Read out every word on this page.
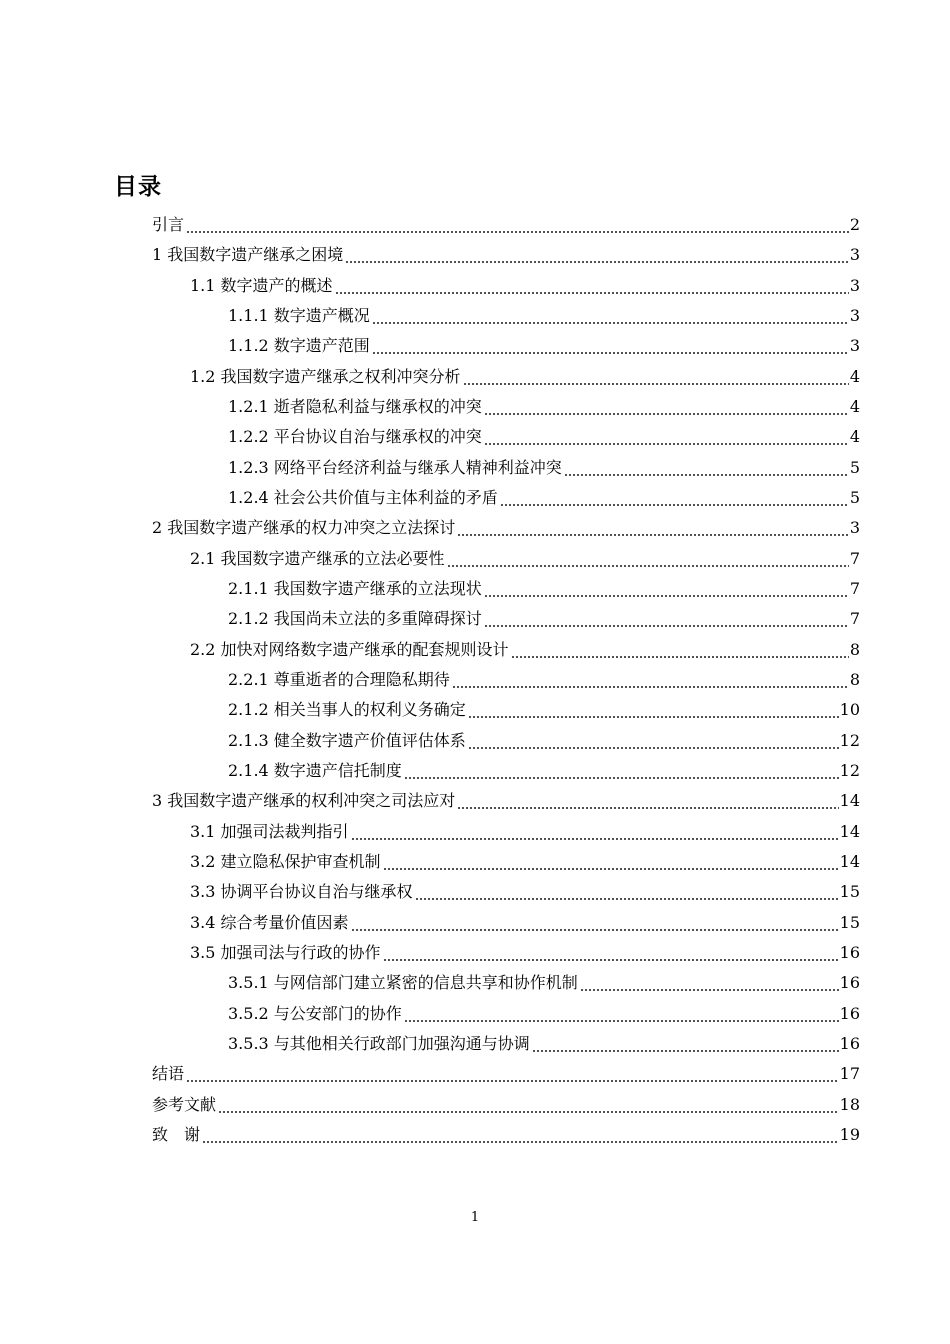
目录
引言	2
1 我国数字遗产继承之困境	3
1.1 数字遗产的概述	3
1.1.1 数字遗产概况	3
1.1.2 数字遗产范围	3
1.2 我国数字遗产继承之权利冲突分析	4
1.2.1 逝者隐私利益与继承权的冲突	4
1.2.2 平台协议自治与继承权的冲突	4
1.2.3 网络平台经济利益与继承人精神利益冲突	5
1.2.4 社会公共价值与主体利益的矛盾	5
2 我国数字遗产继承的权力冲突之立法探讨	3
2.1 我国数字遗产继承的立法必要性	7
2.1.1 我国数字遗产继承的立法现状	7
2.1.2 我国尚未立法的多重障碍探讨	7
2.2 加快对网络数字遗产继承的配套规则设计	8
2.2.1 尊重逝者的合理隐私期待	8
2.1.2 相关当事人的权利义务确定	10
2.1.3 健全数字遗产价值评估体系	12
2.1.4 数字遗产信托制度	12
3 我国数字遗产继承的权利冲突之司法应对	14
3.1 加强司法裁判指引	14
3.2 建立隐私保护审查机制	14
3.3 协调平台协议自治与继承权	15
3.4 综合考量价值因素	15
3.5 加强司法与行政的协作	16
3.5.1 与网信部门建立紧密的信息共享和协作机制	16
3.5.2 与公安部门的协作	16
3.5.3 与其他相关行政部门加强沟通与协调	16
结语	17
参考文献	18
致　谢	19
1
